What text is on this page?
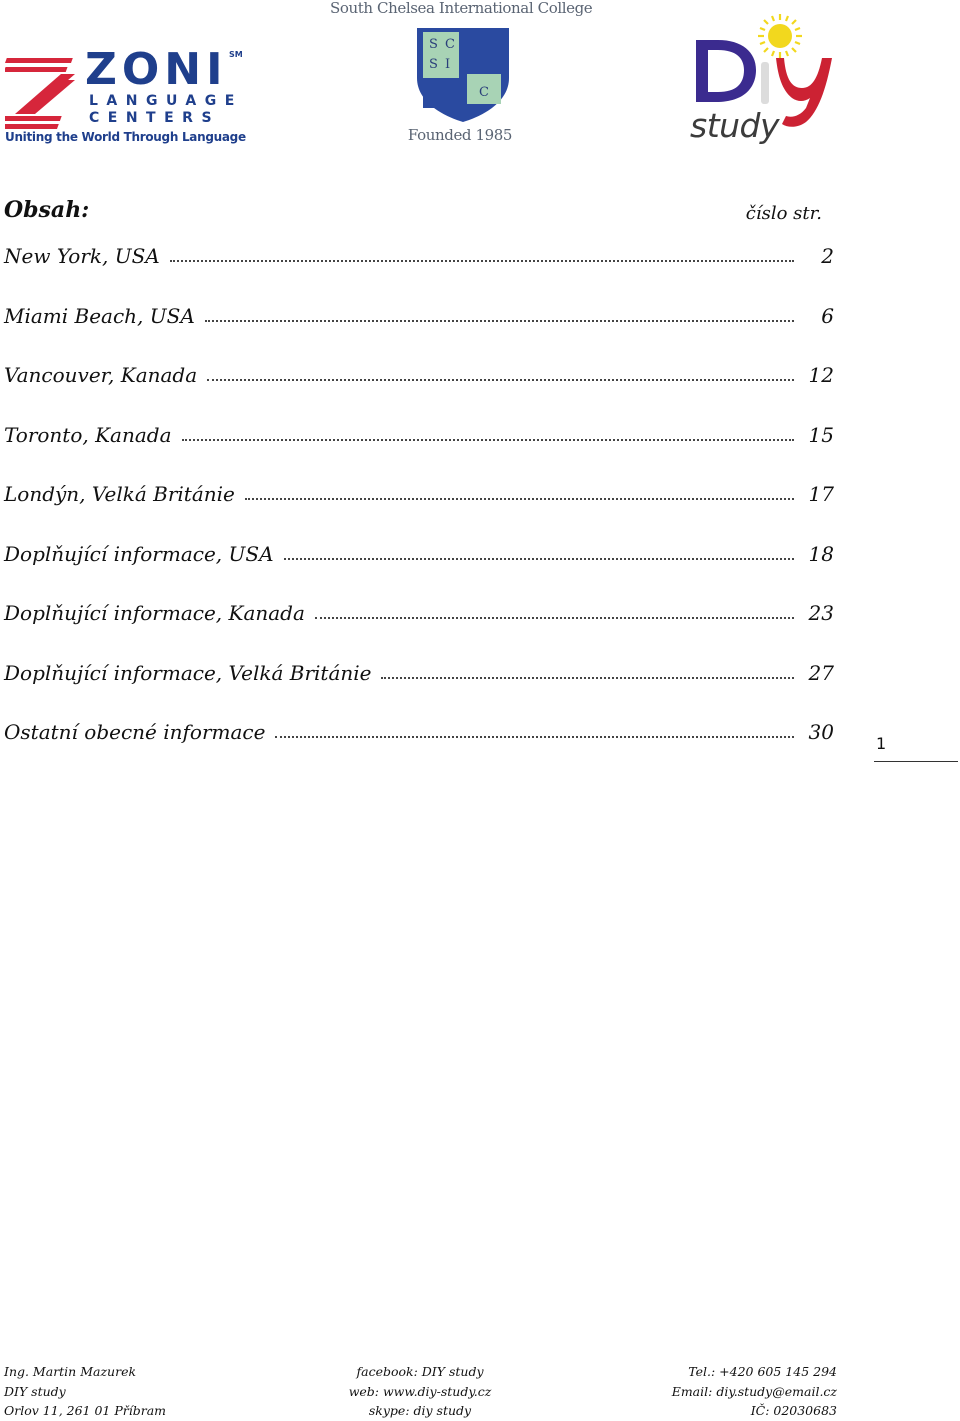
ZONI SM
LANGUAGE
CENTERS
Uniting the World Through Language
South Chelsea International College
S C
S I
C
Founded 1985	study
Obsah:	číslo str.
New York, USA	2
Miami Beach, USA	6
Vancouver, Kanada	12
Toronto, Kanada	15
Londýn, Velká Británie	17
Doplňující informace, USA	18
Doplňující informace, Kanada	23
Doplňující informace, Velká Británie	27
Ostatní obecné informace	30	1
Ing. Martin Mazurek
DIY study
Orlov 11, 261 01 Příbram
facebook: DIY study
web: www.diy-study.cz
skype: diy study
Tel.: +420 605 145 294
Email: diy.study@email.cz
IČ: 02030683
